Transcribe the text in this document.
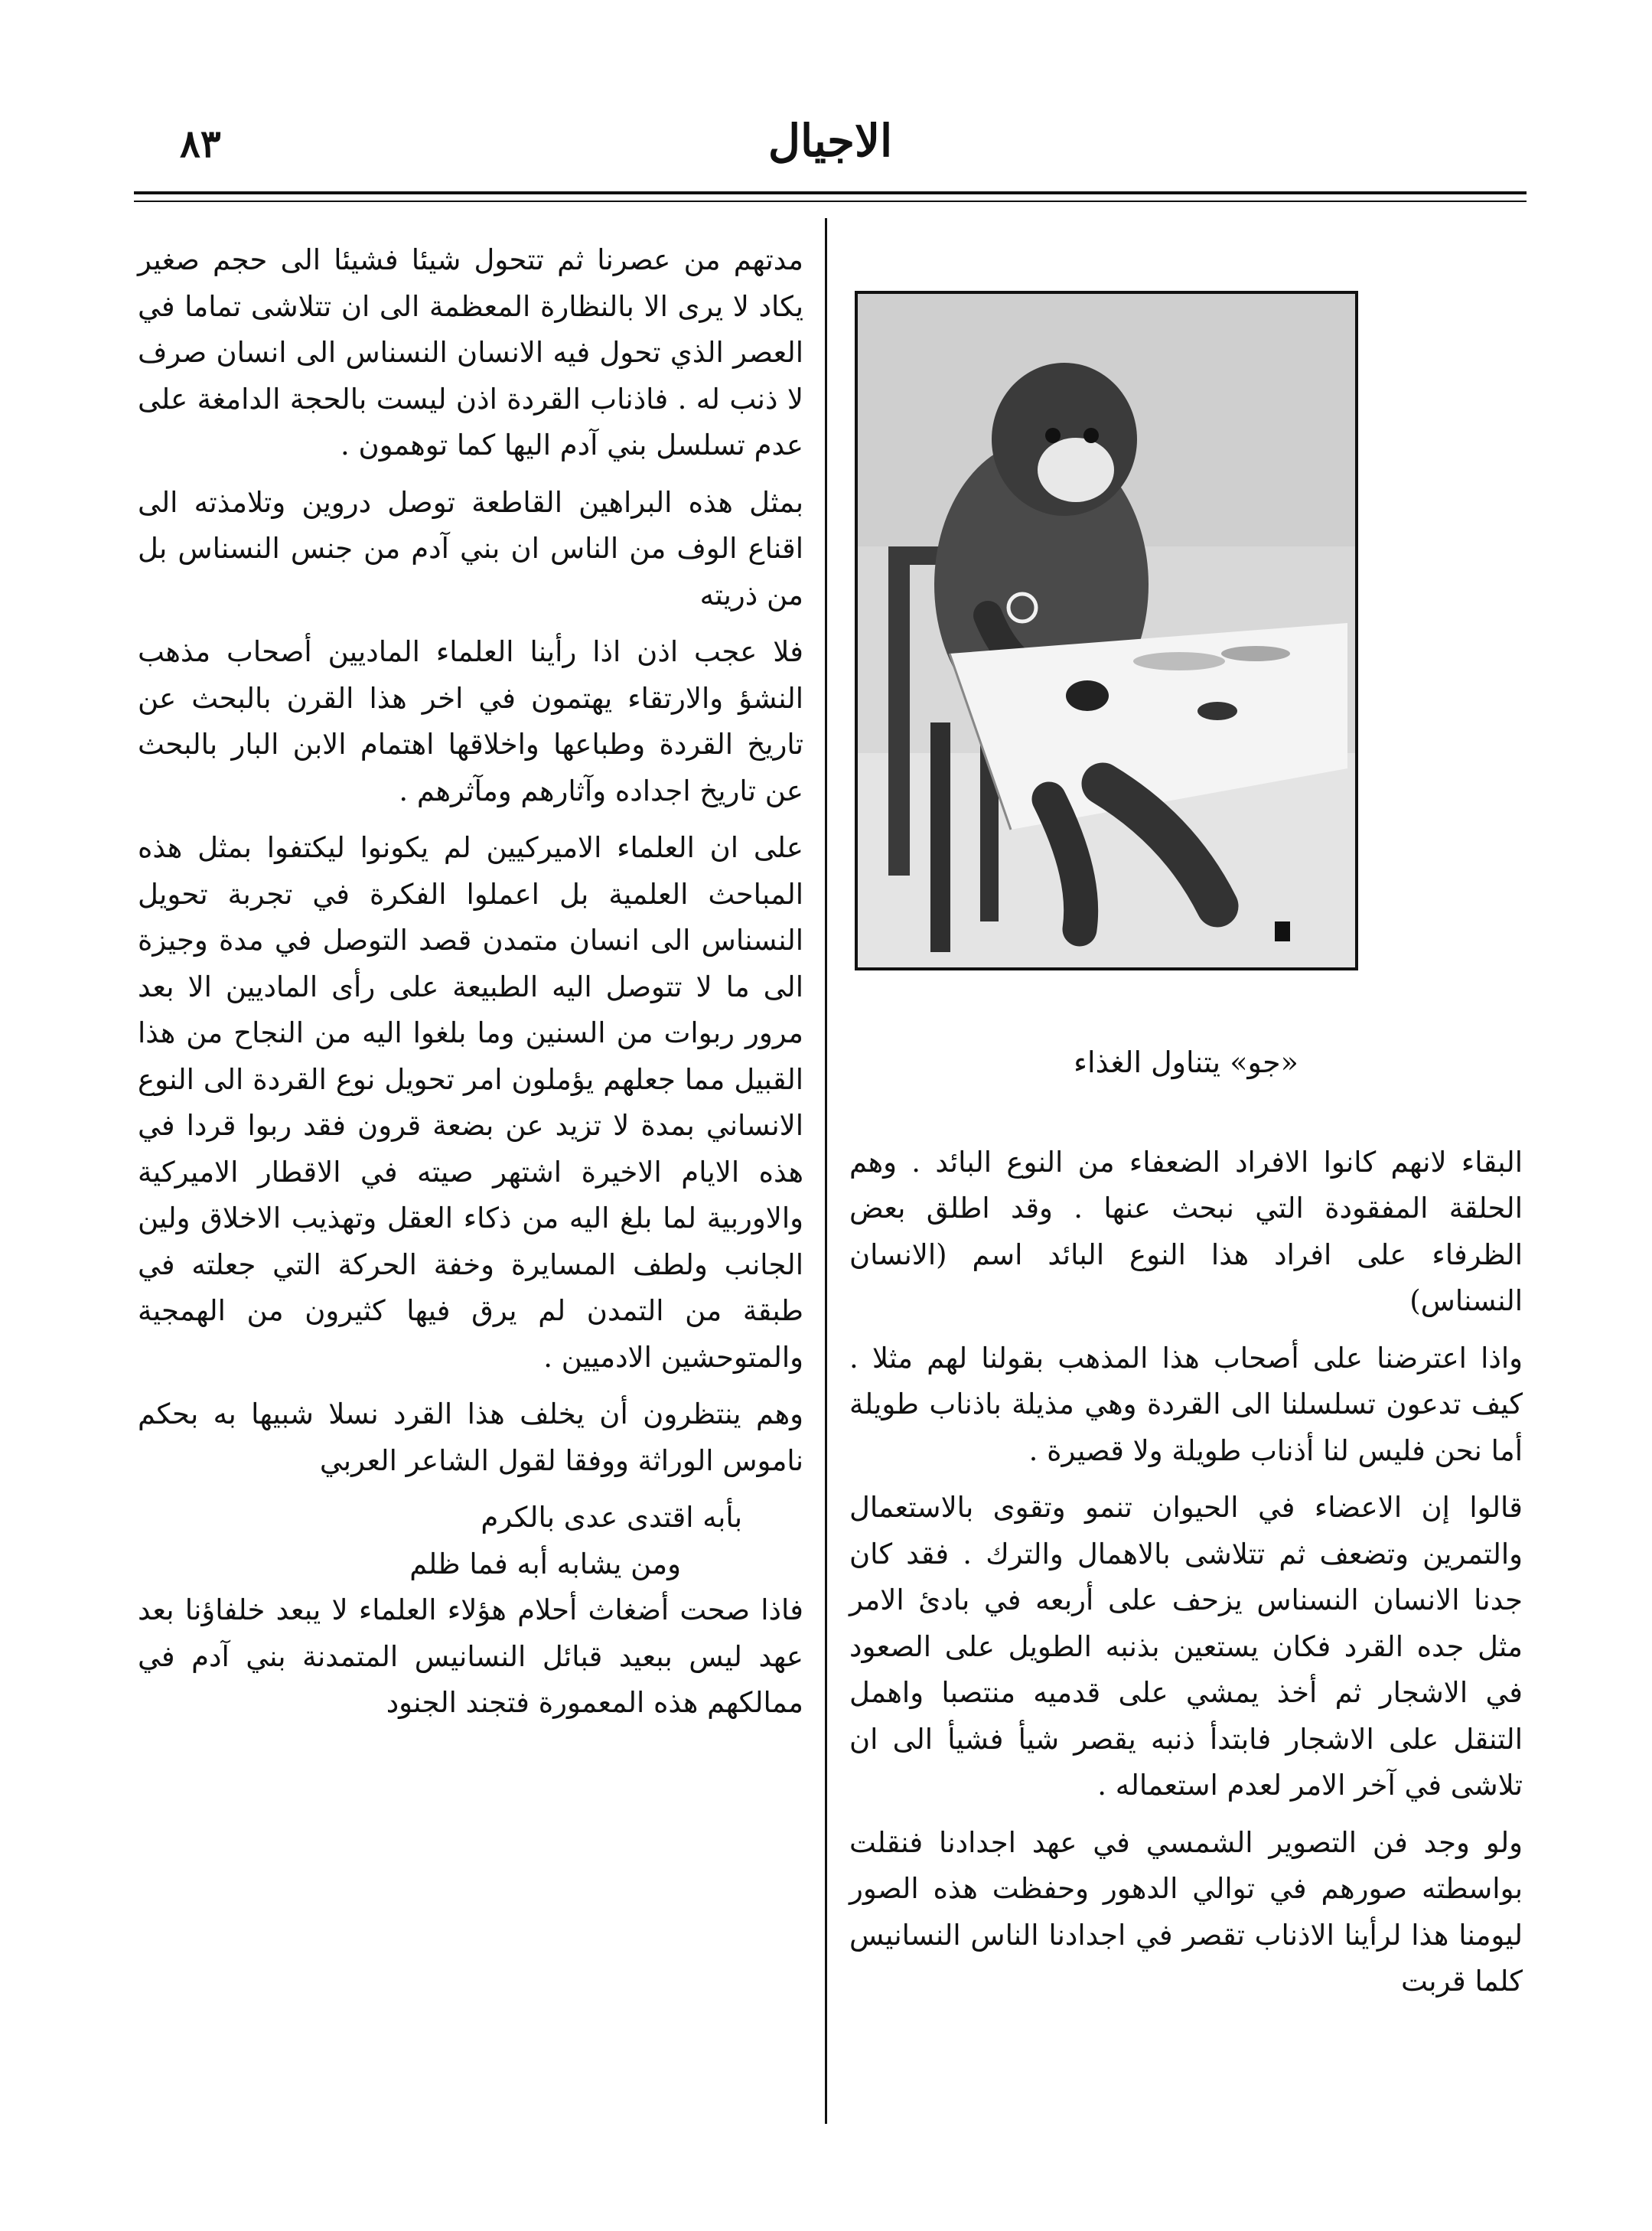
الاجيال
٨٣
«جو» يتناول الغذاء

البقاء لانهم كانوا الافراد الضعفاء من النوع البائد . وهم الحلقة المفقودة التي نبحث عنها . وقد اطلق بعض الظرفاء على افراد هذا النوع البائد اسم (الانسان النسناس)

واذا اعترضنا على أصحاب هذا المذهب بقولنا لهم مثلا . كيف تدعون تسلسلنا الى القردة وهي مذيلة باذناب طويلة أما نحن فليس لنا أذناب طويلة ولا قصيرة .

قالوا إن الاعضاء في الحيوان تنمو وتقوى بالاستعمال والتمرين وتضعف ثم تتلاشى بالاهمال والترك . فقد كان جدنا الانسان النسناس يزحف على أربعه في بادئ الامر مثل جده القرد فكان يستعين بذنبه الطويل على الصعود في الاشجار ثم أخذ يمشي على قدميه منتصبا واهمل التنقل على الاشجار فابتدأ ذنبه يقصر شيأ فشيأ الى ان تلاشى في آخر الامر لعدم استعماله .

ولو وجد فن التصوير الشمسي في عهد اجدادنا فنقلت بواسطته صورهم في توالي الدهور وحفظت هذه الصور ليومنا هذا لرأينا الاذناب تقصر في اجدادنا الناس النسانيس كلما قربت

مدتهم من عصرنا ثم تتحول شيئا فشيئا الى حجم صغير يكاد لا يرى الا بالنظارة المعظمة الى ان تتلاشى تماما في العصر الذي تحول فيه الانسان النسناس الى انسان صرف لا ذنب له . فاذناب القردة اذن ليست بالحجة الدامغة على عدم تسلسل بني آدم اليها كما توهمون .

بمثل هذه البراهين القاطعة توصل دروين وتلامذته الى اقناع الوف من الناس ان بني آدم من جنس النسناس بل من ذريته

فلا عجب اذن اذا رأينا العلماء الماديين أصحاب مذهب النشؤ والارتقاء يهتمون في اخر هذا القرن بالبحث عن تاريخ القردة وطباعها واخلاقها اهتمام الابن البار بالبحث عن تاريخ اجداده وآثارهم ومآثرهم .

على ان العلماء الاميركيين لم يكونوا ليكتفوا بمثل هذه المباحث العلمية بل اعملوا الفكرة في تجربة تحويل النسناس الى انسان متمدن قصد التوصل في مدة وجيزة الى ما لا تتوصل اليه الطبيعة على رأى الماديين الا بعد مرور ربوات من السنين وما بلغوا اليه من النجاح من هذا القبيل مما جعلهم يؤملون امر تحويل نوع القردة الى النوع الانساني بمدة لا تزيد عن بضعة قرون فقد ربوا قردا في هذه الايام الاخيرة اشتهر صيته في الاقطار الاميركية والاوربية لما بلغ اليه من ذكاء العقل وتهذيب الاخلاق ولين الجانب ولطف المسايرة وخفة الحركة التي جعلته في طبقة من التمدن لم يرق فيها كثيرون من الهمجية والمتوحشين الادميين .

وهم ينتظرون أن يخلف هذا القرد نسلا شبيها به بحكم ناموس الوراثة ووفقا لقول الشاعر العربي

بأبه اقتدى عدى بالكرم

ومن يشابه أبه فما ظلم

فاذا صحت أضغاث أحلام هؤلاء العلماء لا يبعد خلفاؤنا بعد عهد ليس ببعيد قبائل النسانيس المتمدنة بني آدم في ممالكهم هذه المعمورة فتجند الجنود
